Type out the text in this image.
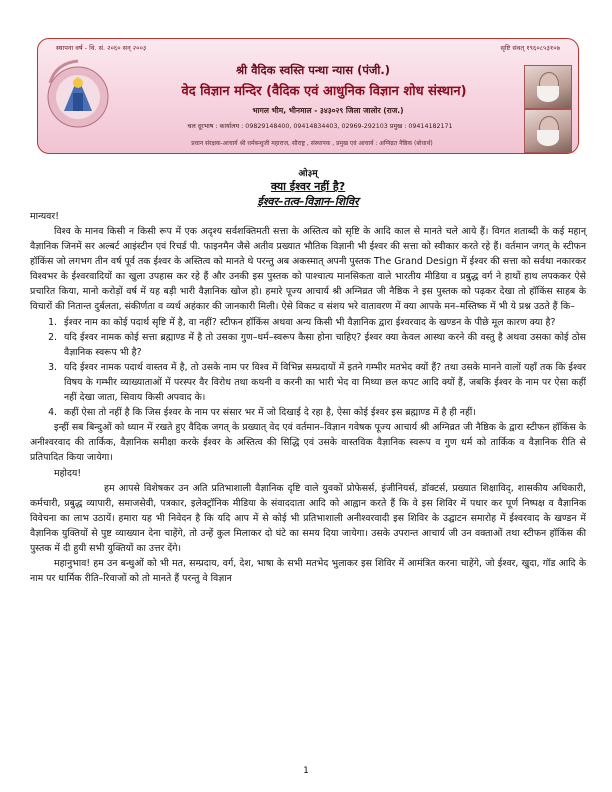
स्थापना वर्ष - वि. सं. २०६० सन् २००३	सृष्टि संवत् १९६०८५३१०७
श्री वैदिक स्वस्ति पन्था न्यास (पंजी.)
वेद विज्ञान मन्दिर (वैदिक एवं आधुनिक विज्ञान शोध संस्थान)
भागल भीम, भीनमाल - ३४३०२९ जिला जालोर (राज.)
चल दूरभाष : कार्यालय : 09829148400, 09414834403, 02969-292103 प्रमुख : 09414182171
प्रधान संरक्षक-आचार्य श्री धर्मबन्धुजी महाराज, सौराष्ट्र , संस्थापक , प्रमुख एवं आचार्य : अग्निव्रत नैष्ठिक (बोधार्थ)
ओ३म्
क्या ईश्वर नहीं है?
ईश्वर–तत्व–विज्ञान–शिविर
मान्यवर!

विश्व के मानव किसी न किसी रूप में एक अदृश्य सर्वशक्तिमती सत्ता के अस्तित्व को सृष्टि के आदि काल से मानते चले आये हैं। विगत शताब्दी के कई महान् वैज्ञानिक जिनमें सर अल्बर्ट आइंस्टीन एवं रिचर्ड पी. फाइनमैन जैसे अतीव प्रख्यात भौतिक विज्ञानी भी ईश्वर की सत्ता को स्वीकार करते रहे हैं। वर्तमान जगत् के स्टीफन हॉकिंस जो लगभग तीन वर्ष पूर्व तक ईश्वर के अस्तित्व को मानते थे परन्तु अब अकस्मात् अपनी पुस्तक The Grand Design में ईश्वर की सत्ता को सर्वथा नकारकर विश्वभर के ईश्वरवादियों का खुला उपहास कर रहे हैं और उनकी इस पुस्तक को पाश्चात्य मानसिकता वाले भारतीय मीडिया व प्रबुद्ध वर्ग ने हाथों हाथ लपककर ऐसे प्रचारित किया, मानो करोड़ों वर्ष में यह बड़ी भारी वैज्ञानिक खोज हो। हमारे पूज्य आचार्य श्री अग्निव्रत जी नैष्ठिक ने इस पुस्तक को पढ़कर देखा तो हॉकिंस साहब के विचारों की नितान्त दुर्बलता, संकीर्णता व व्यर्थ अहंकार की जानकारी मिली। ऐसे विकट व संशय भरे वातावरण में क्या आपके मन–मस्तिष्क में भी ये प्रश्न उठते हैं कि–

1. ईश्वर नाम का कोई पदार्थ सृष्टि में है, वा नहीं? स्टीफन हॉकिंस अथवा अन्य किसी भी वैज्ञानिक द्वारा ईश्वरवाद के खण्डन के पीछे मूल कारण क्या है?
2. यदि ईश्वर नामक कोई सत्ता ब्रह्माण्ड में है तो उसका गुण–धर्म–स्वरूप कैसा होना चाहिए? ईश्वर क्या केवल आस्था करने की वस्तु है अथवा उसका कोई ठोस वैज्ञानिक स्वरूप भी है?
3. यदि ईश्वर नामक पदार्थ वास्तव में है, तो उसके नाम पर विश्व में विभिन्न सम्प्रदायों में इतने गम्भीर मतभेद क्यों हैं? तथा उसके मानने वालों यहाँ तक कि ईश्वर विषय के गम्भीर व्याख्याताओं में परस्पर वैर विरोध तथा कथनी व करनी का भारी भेद वा मिथ्या छल कपट आदि क्यों हैं, जबकि ईश्वर के नाम पर ऐसा कहीं नहीं देखा जाता, सिवाय किसी अपवाद के।
4. कहीं ऐसा तो नहीं है कि जिस ईश्वर के नाम पर संसार भर में जो दिखाई दे रहा है, ऐसा कोई ईश्वर इस ब्रह्माण्ड में है ही नहीं।

इन्हीं सब बिन्दुओं को ध्यान में रखते हुए वैदिक जगत् के प्रख्यात् वेद एवं वर्तमान–विज्ञान गवेषक पूज्य आचार्य श्री अग्निव्रत जी नैष्ठिक के द्वारा स्टीफन हॉकिंस के अनीश्वरवाद की तार्किक, वैज्ञानिक समीक्षा करके ईश्वर के अस्तित्व की सिद्धि एवं उसके वास्तविक वैज्ञानिक स्वरूप व गुण धर्म को तार्किक व वैज्ञानिक रीति से प्रतिपादित किया जायेगा।

महोदय!

हम आपसे विशेषकर उन अति प्रतिभाशाली वैज्ञानिक दृष्टि वाले युवकों प्रोफेसर्स, इंजीनियर्स, डॉक्टर्स, प्रख्यात शिक्षाविद्, शासकीय अधिकारी, कर्मचारी, प्रबुद्ध व्यापारी, समाजसेवी, पत्रकार, इलेक्ट्रॉनिक मीडिया के संवाददाता आदि को आह्वान करते हैं कि वे इस शिविर में पधार कर पूर्ण निष्पक्ष व वैज्ञानिक विवेचना का लाभ उठायें। हमारा यह भी निवेदन है कि यदि आप में से कोई भी प्रतिभाशाली अनीश्वरवादी इस शिविर के उद्घाटन समारोह में ईश्वरवाद के खण्डन में वैज्ञानिक युक्तियों से पुष्ट व्याख्यान देना चाहेंगे, तो उन्हें कुल मिलाकर दो घंटे का समय दिया जायेगा। उसके उपरान्त आचार्य जी उन वक्ताओं तथा स्टीफन हॉकिंस की पुस्तक में दी हुयी सभी युक्तियों का उत्तर देंगे।

महानुभाव! हम उन बन्धुओं को भी मत, सम्प्रदाय, वर्ग, देश, भाषा के सभी मतभेद भुलाकर इस शिविर में आमंत्रित करना चाहेंगे, जो ईश्वर, खुदा, गॉड आदि के नाम पर धार्मिक रीति–रिवाजों को तो मानते हैं परन्तु वे विज्ञान

1
